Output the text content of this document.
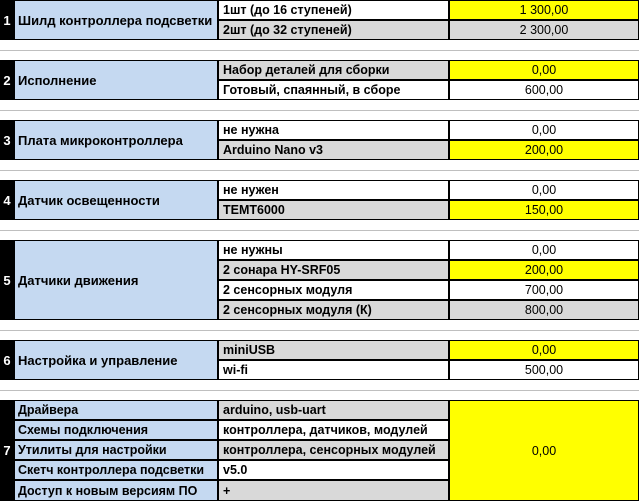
1 Шилд контроллера подсветки
1шт (до 16 ступеней)	1 300,00
2шт (до 32 ступеней)	2 300,00
2 Исполнение
Набор деталей для сборки	0,00
Готовый, спаянный, в сборе	600,00
3 Плата микроконтроллера
не нужна	0,00
Arduino Nano v3	200,00
4 Датчик освещенности
не нужен	0,00
TEMT6000	150,00
5 Датчики движения
не нужны	0,00
2 сонара HY-SRF05	200,00
2 сенсорных модуля	700,00
2 сенсорных модуля (К)	800,00
6 Настройка и управление
miniUSB	0,00
wi-fi	500,00
7
Драйвера	arduino, usb-uart
Схемы подключения	контроллера, датчиков, модулей
Утилиты для настройки	контроллера, сенсорных модулей
Скетч контроллера подсветки	v5.0
Доступ к новым версиям ПО	+
0,00
